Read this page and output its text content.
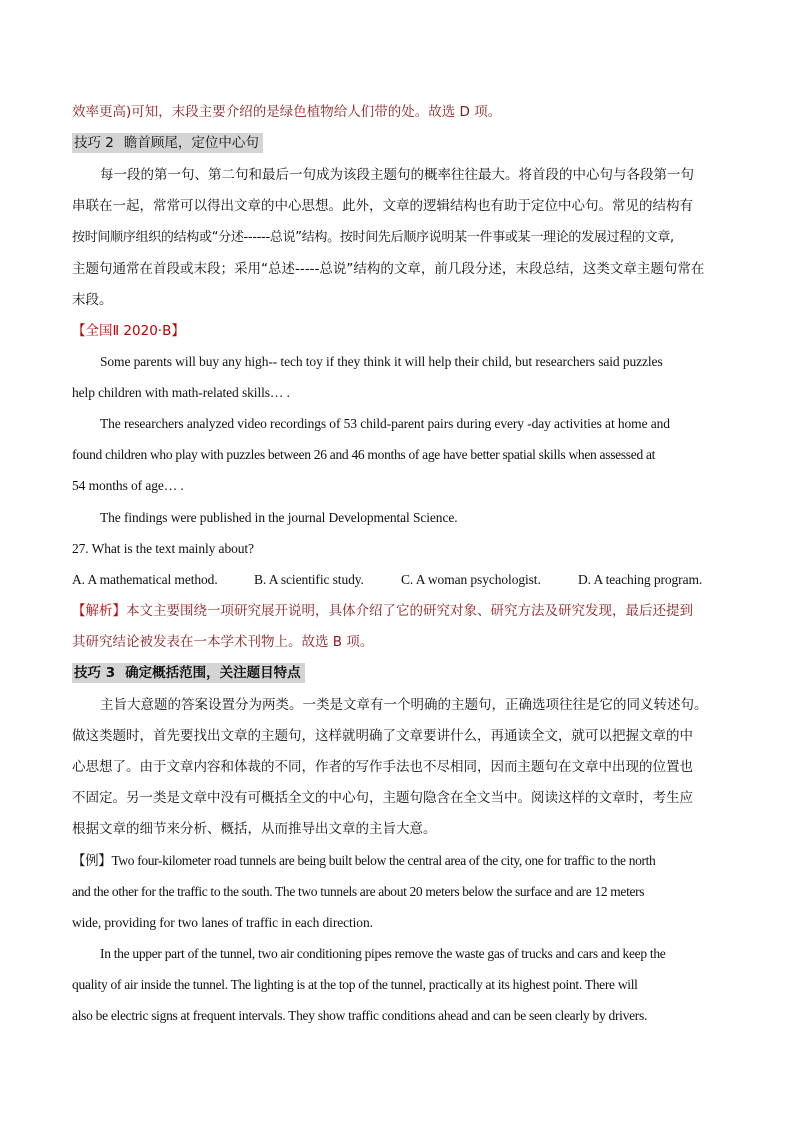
效率更高)可知，末段主要介绍的是绿色植物给人们带的处。故选 D 项。
技巧 2 瞻首顾尾，定位中心句
每一段的第一句、第二句和最后一句成为该段主题句的概率往往最大。将首段的中心句与各段第一句
串联在一起，常常可以得出文章的中心思想。此外，文章的逻辑结构也有助于定位中心句。常见的结构有
按时间顺序组织的结构或“分述------总说”结构。按时间先后顺序说明某一件事或某一理论的发展过程的文章,
主题句通常在首段或末段；采用“总述-----总说”结构的文章，前几段分述，末段总结，这类文章主题句常在
末段。
【全国Ⅱ 2020·B】
Some parents will buy any high-- tech toy if they think it will help their child, but researchers said puzzles
help children with math-related skills… .
The researchers analyzed video recordings of 53 child-parent pairs during every -day activities at home and
found children who play with puzzles between 26 and 46 months of age have better spatial skills when assessed at
54 months of age… .
The findings were published in the journal Developmental Science.
27. What is the text mainly about?
A. A mathematical method.	B. A scientific study.	C. A woman psychologist.	D. A teaching program.
【解析】本文主要围绕一项研究展开说明，具体介绍了它的研究对象、研究方法及研究发现，最后还提到
其研究结论被发表在一本学术刊物上。故选 B 项。
技巧 3 确定概括范围，关注题目特点
主旨大意题的答案设置分为两类。一类是文章有一个明确的主题句，正确选项往往是它的同义转述句。
做这类题时，首先要找出文章的主题句，这样就明确了文章要讲什么，再通读全文，就可以把握文章的中
心思想了。由于文章内容和体裁的不同，作者的写作手法也不尽相同，因而主题句在文章中出现的位置也
不固定。另一类是文章中没有可概括全文的中心句，主题句隐含在全文当中。阅读这样的文章时，考生应
根据文章的细节来分析、概括，从而推导出文章的主旨大意。
【例】Two four-kilometer road tunnels are being built below the central area of the city, one for traffic to the north
and the other for the traffic to the south. The two tunnels are about 20 meters below the surface and are 12 meters
wide, providing for two lanes of traffic in each direction.
In the upper part of the tunnel, two air conditioning pipes remove the waste gas of trucks and cars and keep the
quality of air inside the tunnel. The lighting is at the top of the tunnel, practically at its highest point. There will
also be electric signs at frequent intervals. They show traffic conditions ahead and can be seen clearly by drivers.
